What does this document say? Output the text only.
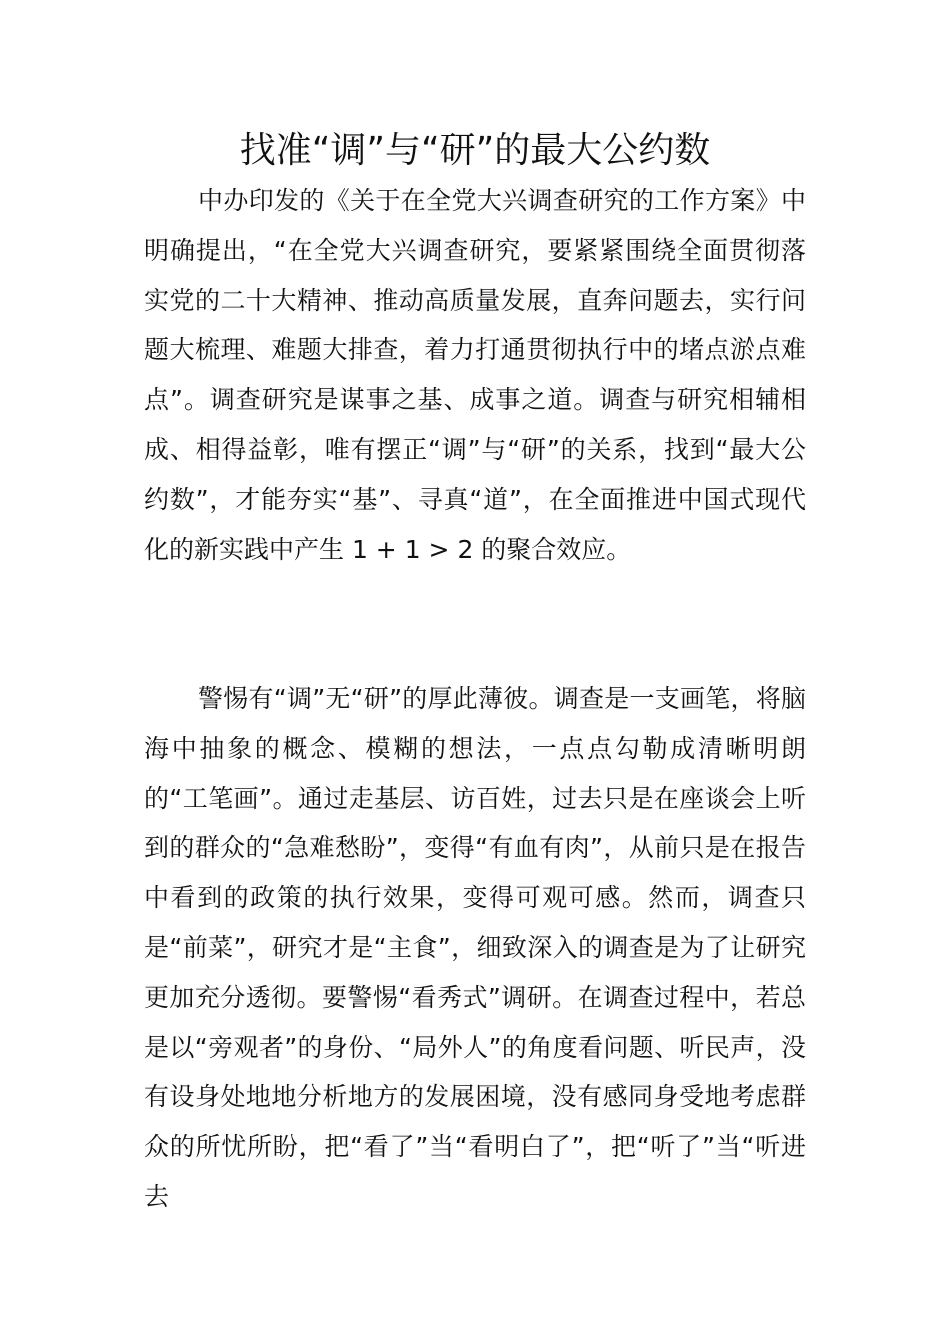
找准“调”与“研”的最大公约数

中办印发的《关于在全党大兴调查研究的工作方案》中明确提出，“在全党大兴调查研究，要紧紧围绕全面贯彻落实党的二十大精神、推动高质量发展，直奔问题去，实行问题大梳理、难题大排查，着力打通贯彻执行中的堵点淤点难点”。调查研究是谋事之基、成事之道。调查与研究相辅相成、相得益彰，唯有摆正“调”与“研”的关系，找到“最大公约数”，才能夯实“基”、寻真“道”，在全面推进中国式现代化的新实践中产生 1 + 1 > 2 的聚合效应。

警惕有“调”无“研”的厚此薄彼。调查是一支画笔，将脑海中抽象的概念、模糊的想法，一点点勾勒成清晰明朗的“工笔画”。通过走基层、访百姓，过去只是在座谈会上听到的群众的“急难愁盼”，变得“有血有肉”，从前只是在报告中看到的政策的执行效果，变得可观可感。然而，调查只是“前菜”，研究才是“主食”，细致深入的调查是为了让研究更加充分透彻。要警惕“看秀式”调研。在调查过程中，若总是以“旁观者”的身份、“局外人”的角度看问题、听民声，没有设身处地地分析地方的发展困境，没有感同身受地考虑群众的所忧所盼，把“看了”当“看明白了”，把“听了”当“听进去
